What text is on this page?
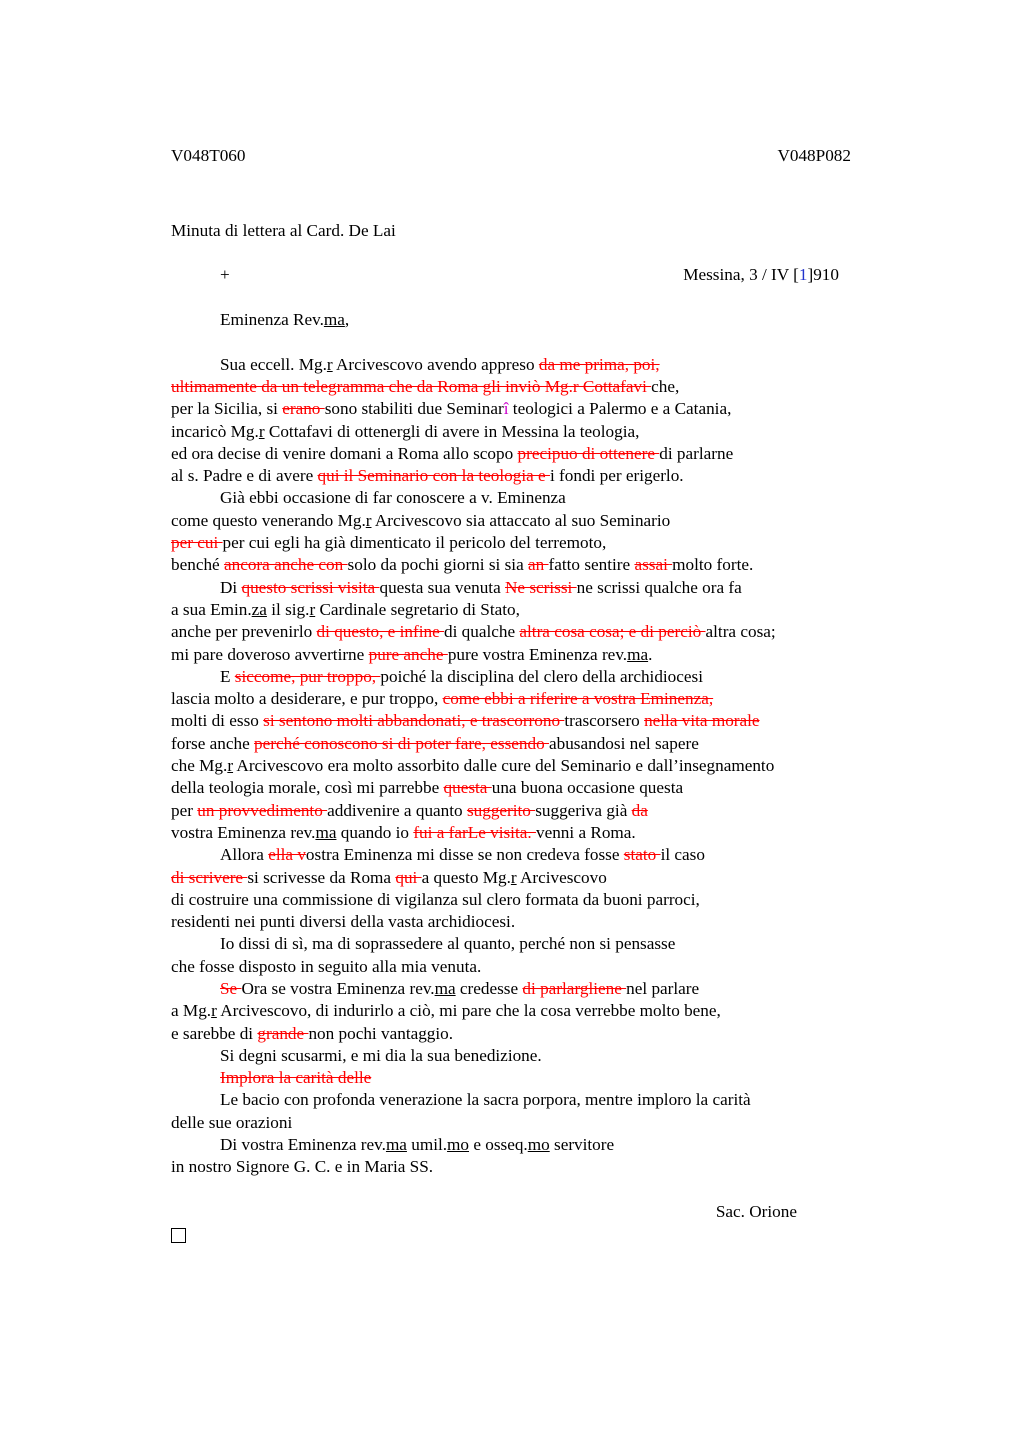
V048T060	V048P082
Minuta di lettera al Card. De Lai
+	Messina, 3 / IV [1]910
Eminenza Rev.ma,
Sua eccell. Mg.r Arcivescovo avendo appreso da me prima, poi,
ultimamente da un telegramma che da Roma gli inviò Mg.r Cottafavi che,
per la Sicilia, si erano sono stabiliti due Seminarî teologici a Palermo e a Catania,
incaricò Mg.r Cottafavi di ottenergli di avere in Messina la teologia,
ed ora decise di venire domani a Roma allo scopo precipuo di ottenere di parlarne
al s. Padre e di avere qui il Seminario con la teologia e i fondi per erigerlo.
Già ebbi occasione di far conoscere a v. Eminenza
come questo venerando Mg.r Arcivescovo sia attaccato al suo Seminario
per cui per cui egli ha già dimenticato il pericolo del terremoto,
benché ancora anche con solo da pochi giorni si sia an fatto sentire assai molto forte.
Di questo scrissi visita questa sua venuta Ne scrissi ne scrissi qualche ora fa
a sua Emin.za il sig.r Cardinale segretario di Stato,
anche per prevenirlo di questo, e infine di qualche altra cosa cosa; e di perciò altra cosa;
mi pare doveroso avvertirne pure anche pure vostra Eminenza rev.ma.
E siccome, pur troppo, poiché la disciplina del clero della archidiocesi
lascia molto a desiderare, e pur troppo, come ebbi a riferire a vostra Eminenza,
molti di esso si sentono molti abbandonati, e trascorrono trascorsero nella vita morale
forse anche perché conoscono si di poter fare, essendo abusandosi nel sapere
che Mg.r Arcivescovo era molto assorbito dalle cure del Seminario e dall’insegnamento
della teologia morale, così mi parrebbe questa una buona occasione questa
per un provvedimento addivenire a quanto suggerito suggeriva già da
vostra Eminenza rev.ma quando io fui a farLe visita. venni a Roma.
Allora ella vostra Eminenza mi disse se non credeva fosse stato il caso
di scrivere si scrivesse da Roma qui a questo Mg.r Arcivescovo
di costruire una commissione di vigilanza sul clero formata da buoni parroci,
residenti nei punti diversi della vasta archidiocesi.
Io dissi di sì, ma di soprassedere al quanto, perché non si pensasse
che fosse disposto in seguito alla mia venuta.
Se Ora se vostra Eminenza rev.ma credesse di parlargliene nel parlare
a Mg.r Arcivescovo, di indurirlo a ciò, mi pare che la cosa verrebbe molto bene,
e sarebbe di grande non pochi vantaggio.
Si degni scusarmi, e mi dia la sua benedizione.
Implora la carità delle
Le bacio con profonda venerazione la sacra porpora, mentre imploro la carità
delle sue orazioni
Di vostra Eminenza rev.ma umil.mo e osseq.mo servitore
in nostro Signore G. C. e in Maria SS.
Sac. Orione
